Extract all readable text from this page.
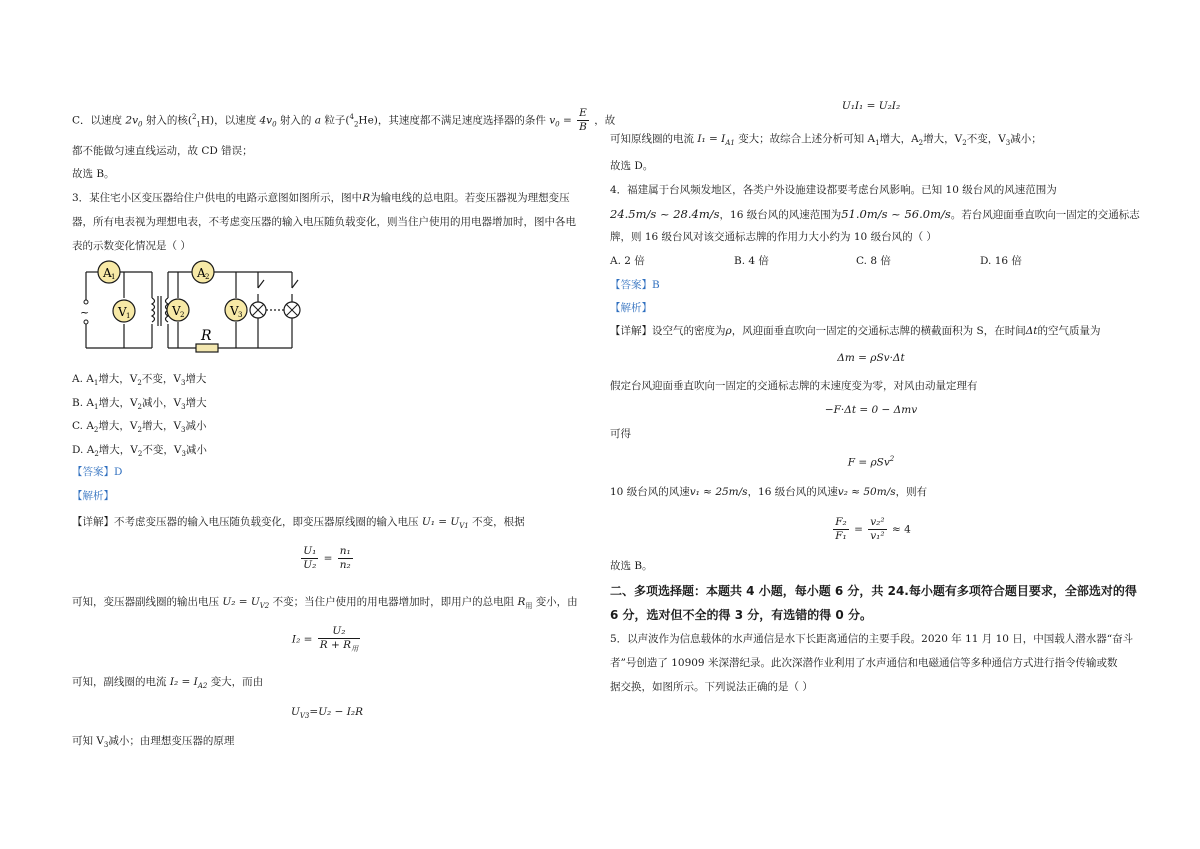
C．以速度 $2v_0$ 射入的核($^2_1$H)，以速度 $4v_0$ 射入的 a 粒子($^4_2$He)，其速度都不满足速度选择器的条件 $v_0 = \frac{E}{B}$ ，故
都不能做匀速直线运动，故 CD 错误；
故选 B。
3．某住宅小区变压器给住户供电的电路示意图如图所示，图中R为输电线的总电阻。若变压器视为理想变压
器，所有电表视为理想电表，不考虑变压器的输入电压随负载变化，则当住户使用的用电器增加时，图中各电
表的示数变化情况是（ ）
~
A 1
V 1
A 2
V 2	V 3
R
A. $A_1$增大，$V_2$不变，$V_3$增大
B. $A_1$增大，$V_2$减小，$V_3$增大
C. $A_2$增大，$V_2$增大，$V_3$减小
D. $A_2$增大，$V_2$不变，$V_3$减小
【答案】D
【解析】
【详解】不考虑变压器的输入电压随负载变化，即变压器原线圈的输入电压 $U_1 = U_{V1}$ 不变，根据
$\frac{\text{U₁}}{\text{U₂}} = \frac{\text{n₁}}{\text{n₂}}$
可知，变压器副线圈的输出电压 $U_2 = U_{V2}$ 不变；当住户使用的用电器增加时，即用户的总电阻 $R_用$ 变小，由
$I_2 = \frac{\text{U₂}}{R + R_用}$
可知，副线圈的电流 $I_2 = I_{A2}$ 变大，而由
$U_{V3}=U_2 - I_2R$
可知 $V_3$减小；由理想变压器的原理
U₁I₁ = U₂I₂
可知原线圈的电流 $I_1 = I_{A1}$ 变大；故综合上述分析可知 $A_1$增大，$A_2$增大，$V_2$不变，$V_3$减小；
故选 D。
4．福建属于台风频发地区，各类户外设施建设都要考虑台风影响。已知 10 级台风的风速范围为
24.5m/s ~ 28.4m/s，16 级台风的风速范围为51.0m/s ~ 56.0m/s。若台风迎面垂直吹向一固定的交通标志
牌，则 16 级台风对该交通标志牌的作用力大小约为 10 级台风的（ ）
A. 2 倍	B. 4 倍	C. 8 倍	D. 16 倍
【答案】B
【解析】
【详解】设空气的密度为ρ，风迎面垂直吹向一固定的交通标志牌的横截面积为 S，在时间Δt的空气质量为
Δm = ρSv·Δt
假定台风迎面垂直吹向一固定的交通标志牌的末速度变为零，对风由动量定理有
−F·Δt = 0 − Δmv
可得
F = ρSv$^2$
10 级台风的风速v₁ ≈ 25m/s，16 级台风的风速v₂ ≈ 50m/s，则有
$\frac{\text{F₂}}{\text{F₁}} = \frac{\text{v₂²}}{\text{v₁²}} \approx 4$
故选 B。
二、多项选择题：本题共 4 小题，每小题 6 分，共 24.每小题有多项符合题目要求，全部选对的得
6 分，选对但不全的得 3 分，有选错的得 0 分。
5．以声波作为信息载体的水声通信是水下长距离通信的主要手段。2020 年 11 月 10 日，中国载人潜水器“奋斗
者”号创造了 10909 米深潜纪录。此次深潜作业利用了水声通信和电磁通信等多种通信方式进行指令传输或数
据交换，如图所示。下列说法正确的是（ ）
